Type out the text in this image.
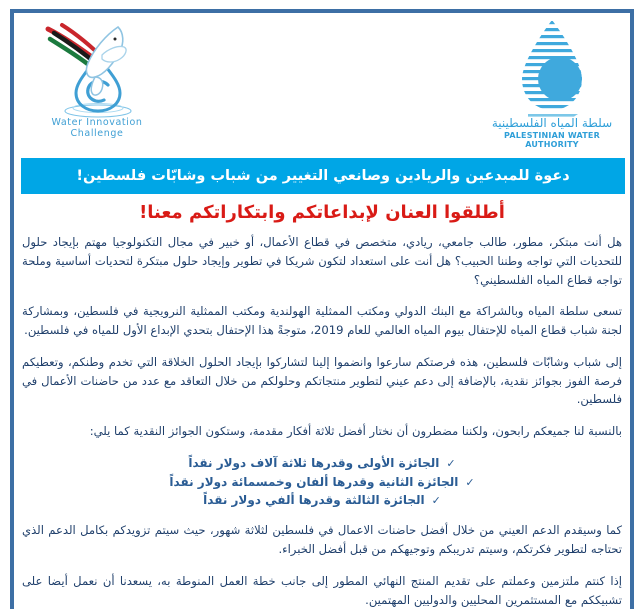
Water Innovation
Challenge
سلطة المياه الفلسطينية
PALESTINIAN WATER AUTHORITY
دعوة للمبدعين والريادين وصانعي التغيير من شباب وشابّات فلسطين!
أطلقوا العنان لإبداعاتكم وابتكاراتكم معنا!

هل أنت مبتكر، مطور، طالب جامعي، ريادي، متخصص في قطاع الأعمال، أو خبير في مجال التكنولوجيا مهتم بإيجاد حلول للتحديات التي تواجه وطننا الحبيب؟ هل أنت على استعداد لتكون شريكا في تطوير وإيجاد حلول مبتكرة لتحديات أساسية وملحة تواجه قطاع المياه الفلسطيني؟

تسعى سلطة المياه وبالشراكة مع البنك الدولي ومكتب الممثلية الهولندية ومكتب الممثلية النرويجية في فلسطين، وبمشاركة لجنة شباب قطاع المياه للإحتفال بيوم المياه العالمي للعام 2019، متوجةً هذا الإحتفال بتحدي الإبداع الأول للمياه في فلسطين.

إلى شباب وشابّات فلسطين، هذه فرصتكم سارعوا وانضموا إلينا لتشاركوا بإيجاد الحلول الخلاقة التي تخدم وطنكم، وتعطيكم فرصة الفوز بجوائز نقدية، بالإضافة إلى دعم عيني لتطوير منتجاتكم وحلولكم من خلال التعاقد مع عدد من حاضنات الأعمال في فلسطين.

بالنسبة لنا جميعكم رابحون، ولكننا مضطرون أن نختار أفضل ثلاثة أفكار مقدمة، وستكون الجوائز النقدية كما يلي:

✓الجائزة الأولى وقدرها ثلاثة آلاف دولار نقداً
✓الجائزة الثانية وقدرها ألفان وخمسمائة دولار نقداً
✓الجائزة الثالثة وقدرها ألفي دولار نقداً

كما وسيقدم الدعم العيني من خلال أفضل حاضنات الاعمال في فلسطين لثلاثة شهور، حيث سيتم تزويدكم بكامل الدعم الذي تحتاجه لتطوير فكرتكم، وسيتم تدريبكم وتوجيهكم من قبل أفضل الخبراء.

إذا كنتم ملتزمين وعملتم على تقديم المنتج النهائي المطور إلى جانب خطة العمل المنوطة به، يسعدنا أن نعمل أيضا على تشبيككم مع المستثمرين المحليين والدوليين المهتمين.
